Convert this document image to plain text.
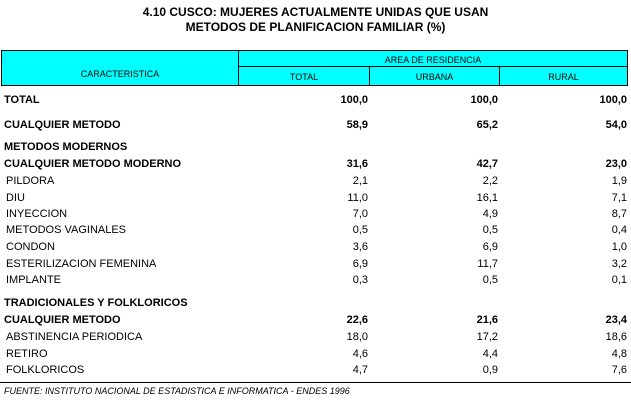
4.10 CUSCO: MUJERES ACTUALMENTE UNIDAS QUE USAN
METODOS DE PLANIFICACION FAMILIAR (%)
CARACTERISTICA
AREA DE RESIDENCIA
TOTAL	URBANA	RURAL
TOTAL	100,0	100,0	100,0
CUALQUIER METODO	58,9	65,2	54,0
METODOS MODERNOS
CUALQUIER METODO MODERNO	31,6	42,7	23,0
PILDORA	2,1	2,2	1,9
DIU	11,0	16,1	7,1
INYECCION	7,0	4,9	8,7
METODOS VAGINALES	0,5	0,5	0,4
CONDON	3,6	6,9	1,0
ESTERILIZACION FEMENINA	6,9	11,7	3,2
IMPLANTE	0,3	0,5	0,1
TRADICIONALES Y FOLKLORICOS
CUALQUIER METODO	22,6	21,6	23,4
ABSTINENCIA PERIODICA	18,0	17,2	18,6
RETIRO	4,6	4,4	4,8
FOLKLORICOS	4,7	0,9	7,6
FUENTE: INSTITUTO NACIONAL DE ESTADISTICA E INFORMATICA - ENDES 1996
